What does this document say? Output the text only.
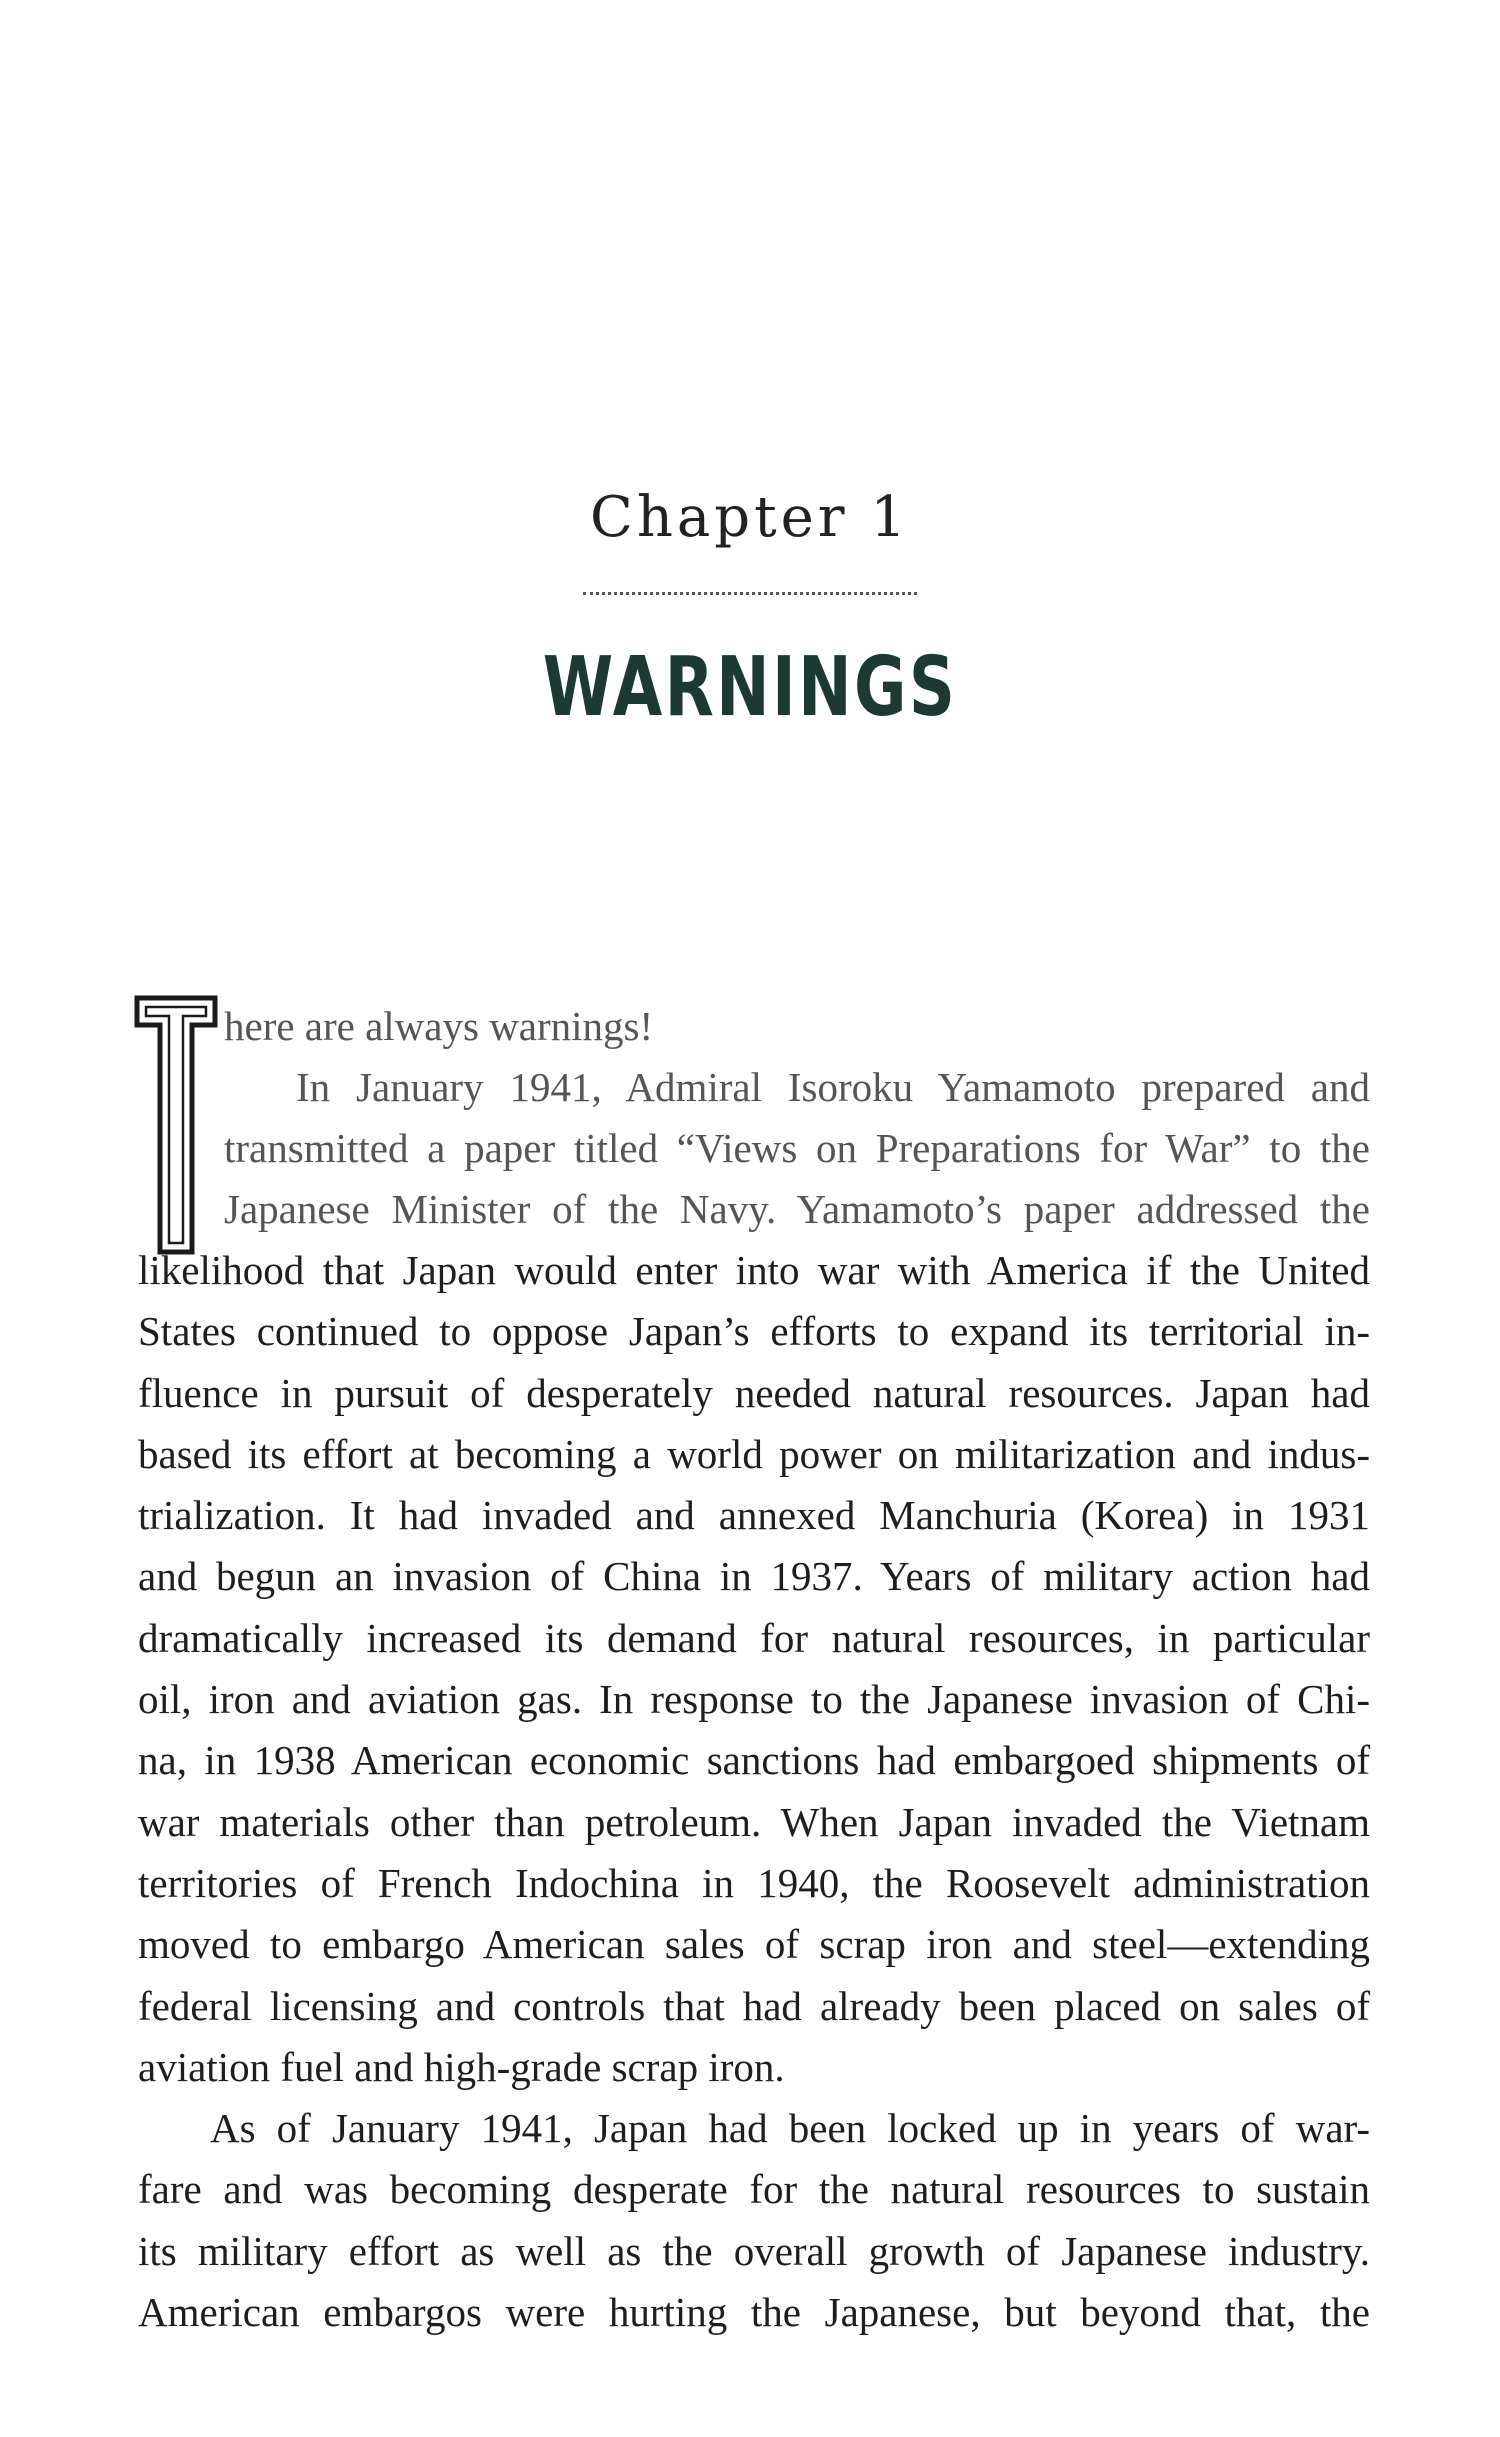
Chapter 1
WARNINGS
here are always warnings!
In January 1941, Admiral Isoroku Yamamoto prepared and
transmitted a paper titled “Views on Preparations for War” to the
Japanese Minister of the Navy. Yamamoto’s paper addressed the
likelihood that Japan would enter into war with America if the United
States continued to oppose Japan’s efforts to expand its territorial in-
fluence in pursuit of desperately needed natural resources. Japan had
based its effort at becoming a world power on militarization and indus-
trialization. It had invaded and annexed Manchuria (Korea) in 1931
and begun an invasion of China in 1937. Years of military action had
dramatically increased its demand for natural resources, in particular
oil, iron and aviation gas. In response to the Japanese invasion of Chi-
na, in 1938 American economic sanctions had embargoed shipments of
war materials other than petroleum. When Japan invaded the Vietnam
territories of French Indochina in 1940, the Roosevelt administration
moved to embargo American sales of scrap iron and steel—extending
federal licensing and controls that had already been placed on sales of
aviation fuel and high-grade scrap iron.
As of January 1941, Japan had been locked up in years of war-
fare and was becoming desperate for the natural resources to sustain
its military effort as well as the overall growth of Japanese industry.
American embargos were hurting the Japanese, but beyond that, the
